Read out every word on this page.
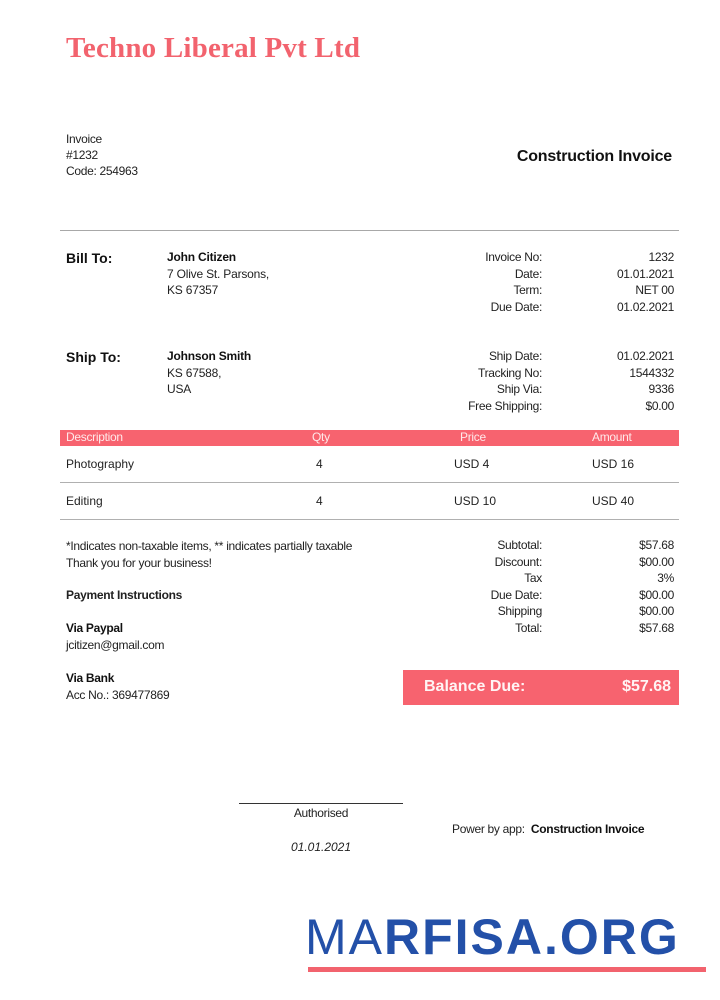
Techno Liberal Pvt Ltd
Invoice
#1232
Code: 254963
Construction Invoice
Bill To:	John Citizen
7 Olive St. Parsons,
KS 67357
Invoice No:	1232
Date:	01.01.2021
Term:	NET 00
Due Date:	01.02.2021
Ship To:	Johnson Smith
KS 67588,
USA
Ship Date:	01.02.2021
Tracking No:	1544332
Ship Via:	9336
Free Shipping:	$0.00
Description	Qty	Price	Amount
Photography	4	USD 4	USD 16
Editing	4	USD 10	USD 40
*Indicates non-taxable items, ** indicates partially taxable
Thank you for your business!
Payment Instructions
Via Paypal
jcitizen@gmail.com
Via Bank
Acc No.: 369477869
Subtotal:	$57.68
Discount:	$00.00
Tax	3%
Due Date:	$00.00
Shipping	$00.00
Total:	$57.68
Balance Due:	$57.68
Authorised
01.01.2021
Power by app: Construction Invoice
MARFISA.ORG
